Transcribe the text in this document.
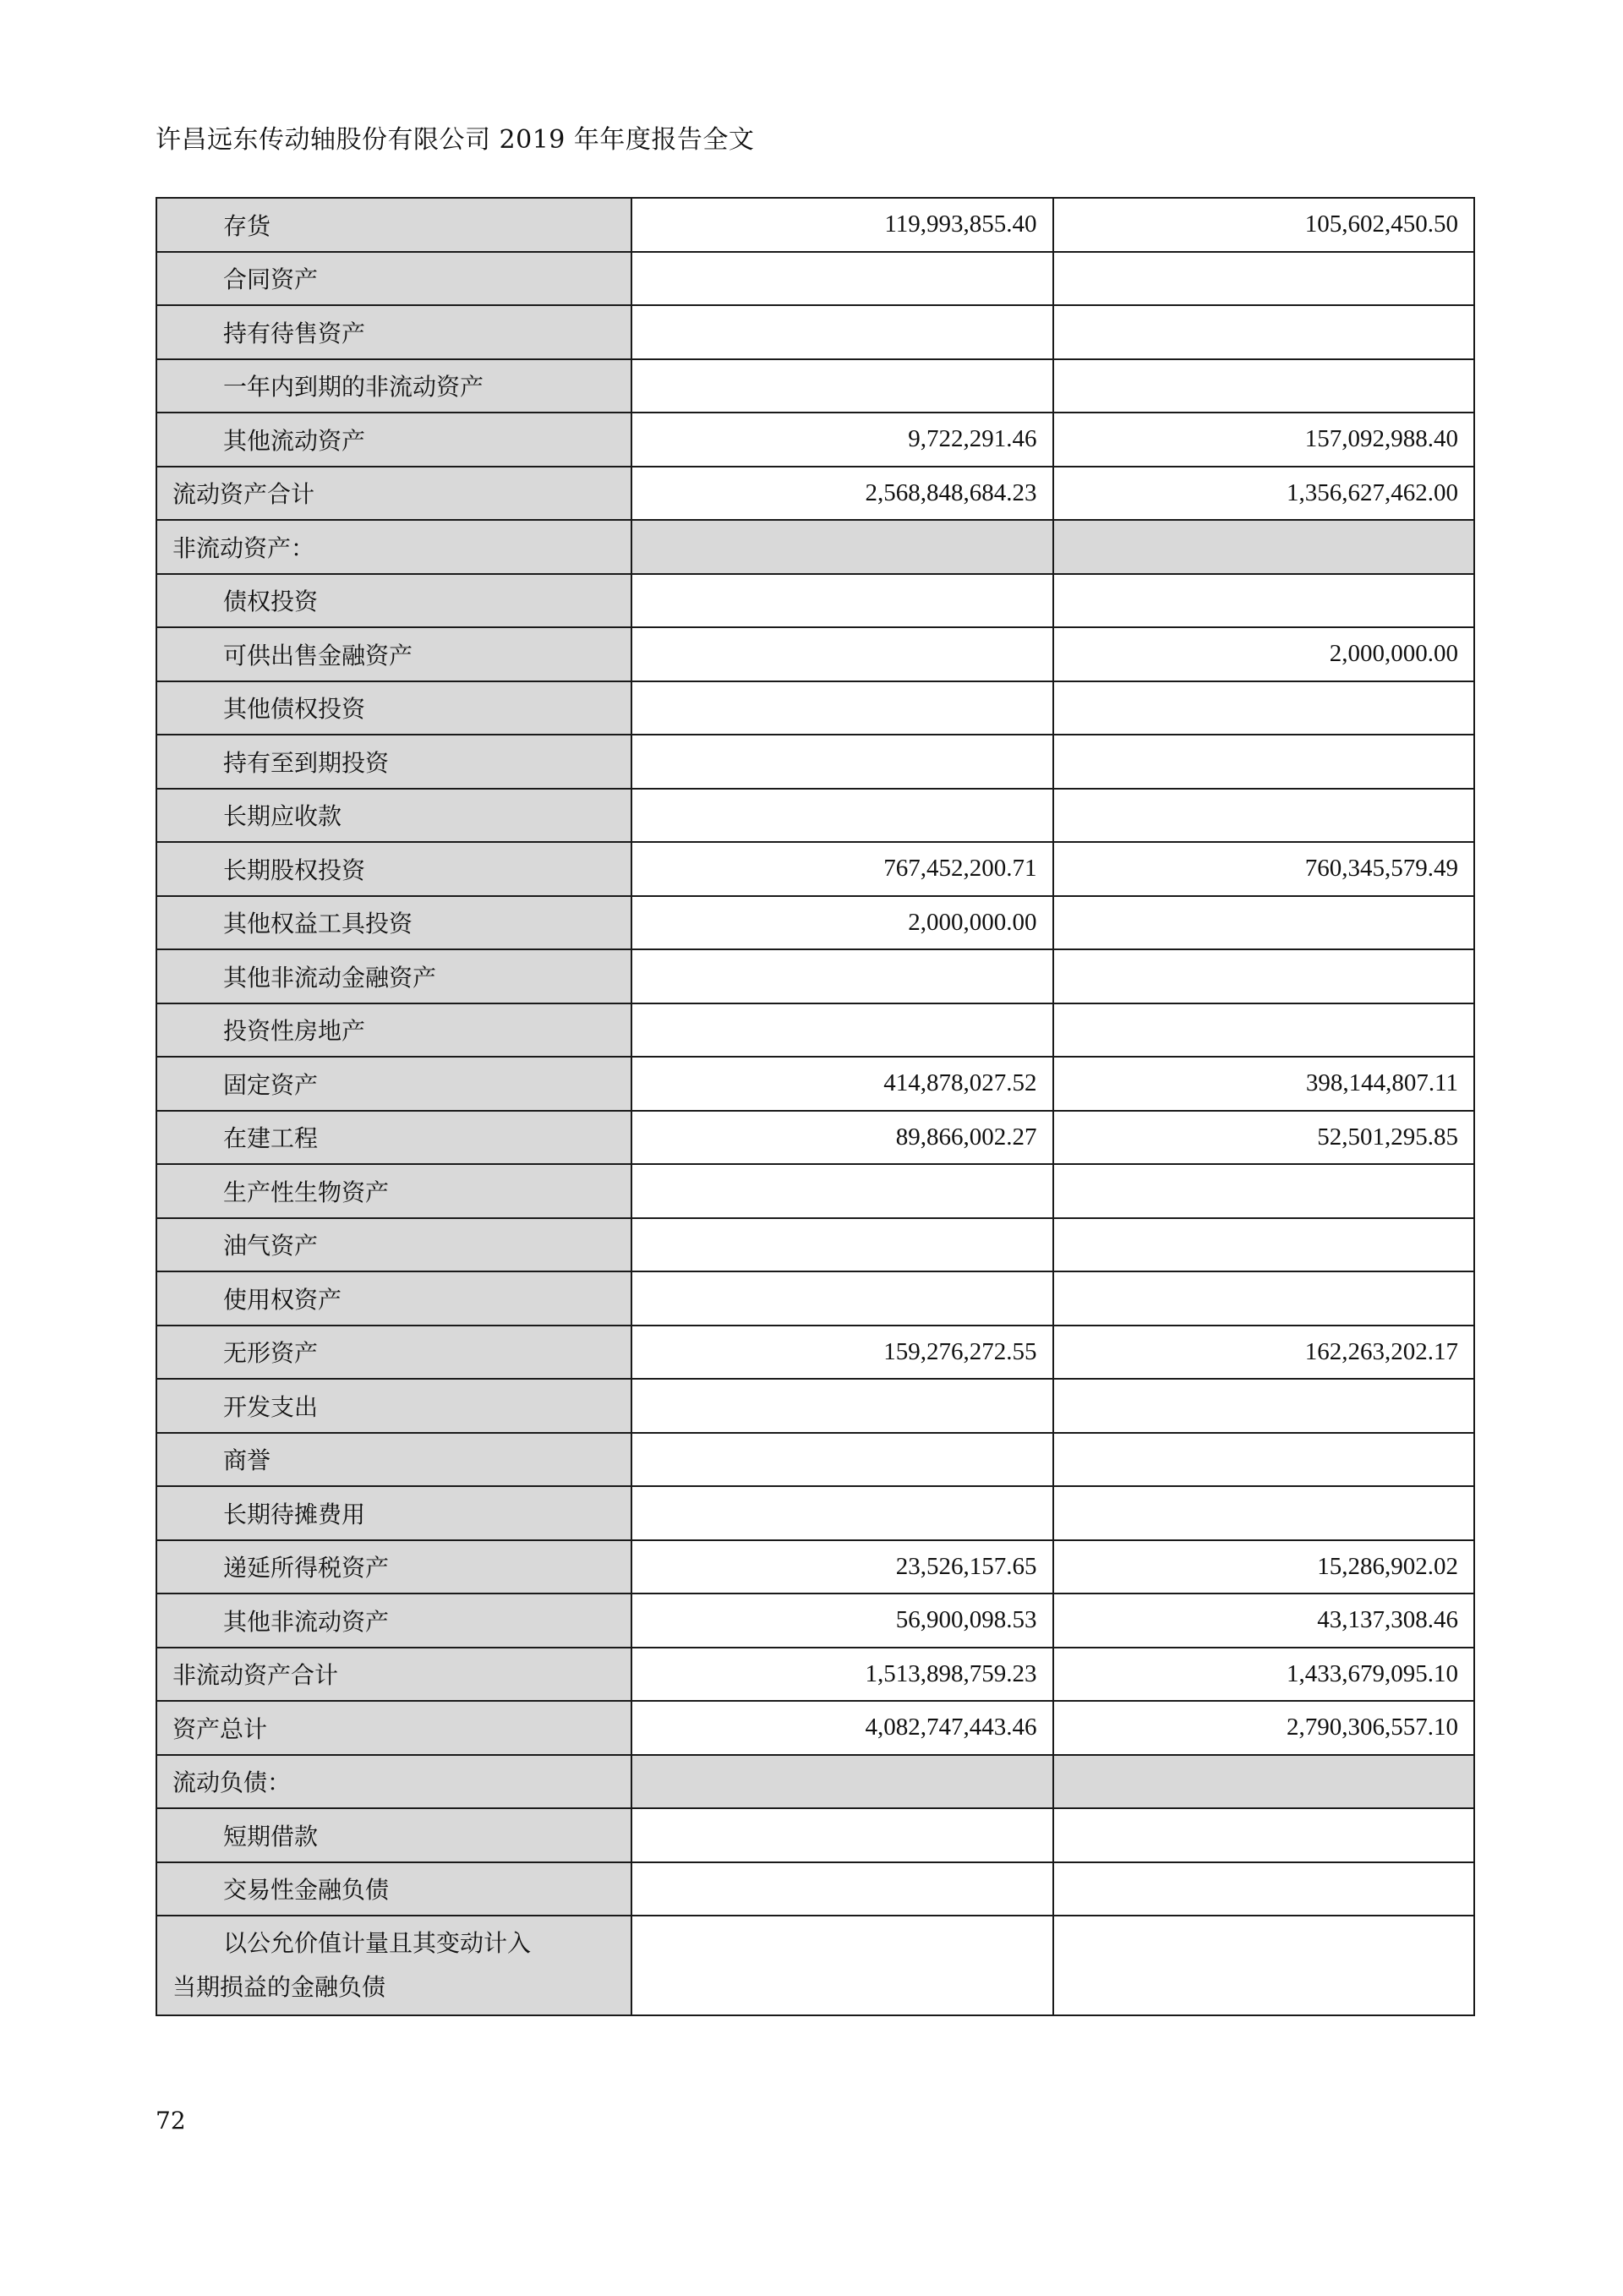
许昌远东传动轴股份有限公司 2019 年年度报告全文
存货	119,993,855.40	105,602,450.50
合同资产		
持有待售资产		
一年内到期的非流动资产		
其他流动资产	9,722,291.46	157,092,988.40
流动资产合计	2,568,848,684.23	1,356,627,462.00
非流动资产：		
债权投资		
可供出售金融资产		2,000,000.00
其他债权投资		
持有至到期投资		
长期应收款		
长期股权投资	767,452,200.71	760,345,579.49
其他权益工具投资	2,000,000.00	
其他非流动金融资产		
投资性房地产		
固定资产	414,878,027.52	398,144,807.11
在建工程	89,866,002.27	52,501,295.85
生产性生物资产		
油气资产		
使用权资产		
无形资产	159,276,272.55	162,263,202.17
开发支出		
商誉		
长期待摊费用		
递延所得税资产	23,526,157.65	15,286,902.02
其他非流动资产	56,900,098.53	43,137,308.46
非流动资产合计	1,513,898,759.23	1,433,679,095.10
资产总计	4,082,747,443.46	2,790,306,557.10
流动负债：		
短期借款		
交易性金融负债		

以公允价值计量且其变动计入
当期损益的金融负债		

72
